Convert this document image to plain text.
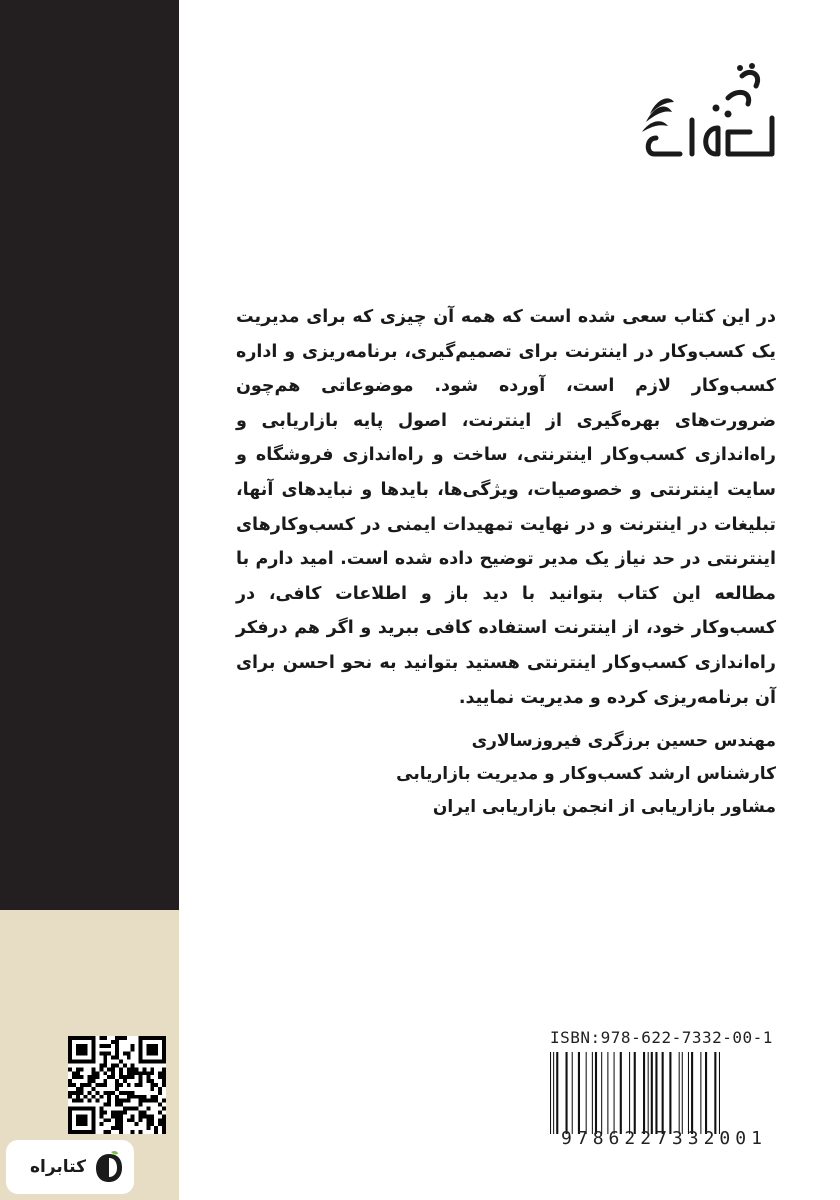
در این کتاب سعی شده است که همه آن چیزی که برای مدیریت یک کسب‌وکار در اینترنت برای تصمیم‌گیری، برنامه‌ریزی و اداره کسب‌وکار لازم است، آورده شود. موضوعاتی هم‌چون ضرورت‌های بهره‌گیری از اینترنت، اصول پایه بازاریابی و راه‌اندازی کسب‌وکار اینترنتی، ساخت و راه‌اندازی فروشگاه و سایت اینترنتی و خصوصیات، ویژگی‌ها، بایدها و نبایدهای آنها، تبلیغات در اینترنت و در نهایت تمهیدات ایمنی در کسب‌وکارهای اینترنتی در حد نیاز یک مدیر توضیح داده شده است. امید دارم با مطالعه این کتاب بتوانید با دید باز و اطلاعات کافی، در کسب‌وکار خود، از اینترنت استفاده کافی ببرید و اگر هم درفکر راه‌اندازی کسب‌وکار اینترنتی هستید بتوانید به نحو احسن برای آن برنامه‌ریزی کرده و مدیریت نمایید.

مهندس حسین برزگری فیروزسالاری
کارشناس ارشد کسب‌وکار و مدیریت بازاریابی
مشاور بازاریابی از انجمن بازاریابی ایران
ISBN:978-622-7332-00-1
9786227332001
کتابراه
